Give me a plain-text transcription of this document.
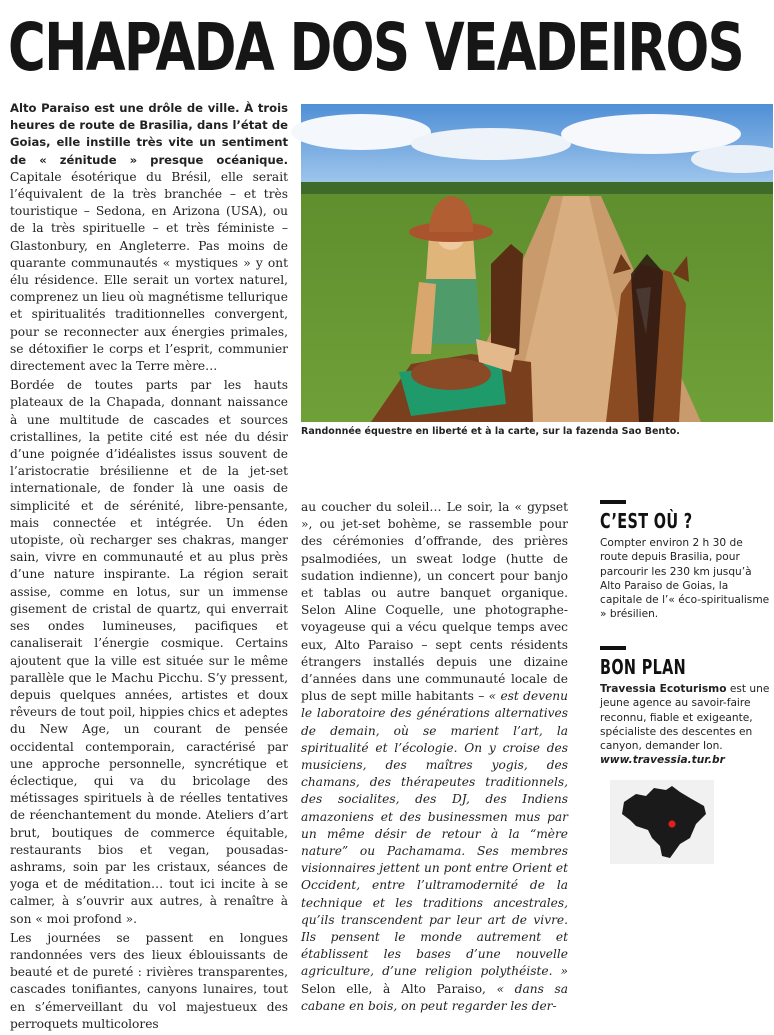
CHAPADA DOS VEADEIROS

Alto Paraiso est une drôle de ville. À trois heures de route de Brasilia, dans l’état de Goias, elle instille très vite un sentiment de « zénitude » presque océanique. Capitale ésotérique du Brésil, elle serait l’équivalent de la très branchée – et très touristique – Sedona, en Arizona (USA), ou de la très spirituelle – et très féministe – Glastonbury, en Angleterre. Pas moins de quarante communautés « mystiques » y ont élu résidence. Elle serait un vortex naturel, comprenez un lieu où magnétisme tellurique et spiritualités traditionnelles convergent, pour se reconnecter aux énergies primales, se détoxifier le corps et l’esprit, communier directement avec la Terre mère…

Bordée de toutes parts par les hauts plateaux de la Chapada, donnant naissance à une multitude de cascades et sources cristallines, la petite cité est née du désir d’une poignée d’idéalistes issus souvent de l’aristocratie brésilienne et de la jet-set internationale, de fonder là une oasis de simplicité et de sérénité, libre-pensante, mais connectée et intégrée. Un éden utopiste, où recharger ses chakras, manger sain, vivre en communauté et au plus près d’une nature inspirante. La région serait assise, comme en lotus, sur un immense gisement de cristal de quartz, qui enverrait ses ondes lumineuses, pacifiques et canaliserait l’énergie cosmique. Certains ajoutent que la ville est située sur le même parallèle que le Machu Picchu. S’y pressent, depuis quelques années, artistes et doux rêveurs de tout poil, hippies chics et adeptes du New Age, un courant de pensée occidental contemporain, caractérisé par une approche personnelle, syncrétique et éclectique, qui va du bricolage des métissages spirituels à de réelles tentatives de réenchantement du monde. Ateliers d’art brut, boutiques de commerce équitable, restaurants bios et vegan, pousadas-ashrams, soin par les cristaux, séances de yoga et de méditation… tout ici incite à se calmer, à s’ouvrir aux autres, à renaître à son « moi profond ».

Les journées se passent en longues randonnées vers des lieux éblouissants de beauté et de pureté : rivières transparentes, cascades tonifiantes, canyons lunaires, tout en s’émerveillant du vol majestueux des perroquets multicolores

Randonnée équestre en liberté et à la carte, sur la fazenda Sao Bento.

au coucher du soleil… Le soir, la « gypset », ou jet-set bohème, se rassemble pour des cérémonies d’offrande, des prières psalmodiées, un sweat lodge (hutte de sudation indienne), un concert pour banjo et tablas ou autre banquet organique. Selon Aline Coquelle, une photographe-voyageuse qui a vécu quelque temps avec eux, Alto Paraiso – sept cents résidents étrangers installés depuis une dizaine d’années dans une communauté locale de plus de sept mille habitants – « est devenu le laboratoire des générations alternatives de demain, où se marient l’art, la spiritualité et l’écologie. On y croise des musiciens, des maîtres yogis, des chamans, des thérapeutes traditionnels, des socialites, des DJ, des Indiens amazoniens et des businessmen mus par un même désir de retour à la “mère nature” ou Pachamama. Ses membres visionnaires jettent un pont entre Orient et Occident, entre l’ultramodernité de la technique et les traditions ancestrales, qu’ils transcendent par leur art de vivre. Ils pensent le monde autrement et établissent les bases d’une nouvelle agriculture, d’une religion polythéiste. » Selon elle, à Alto Paraiso, « dans sa cabane en bois, on peut regarder les der-

C’EST OÙ ?
Compter environ 2 h 30 de route depuis Brasilia, pour parcourir les 230 km jusqu’à Alto Paraiso de Goias, la capitale de l’« éco-spiritualisme » brésilien.
BON PLAN
Travessia Ecoturismo est une jeune agence au savoir-faire reconnu, fiable et exigeante, spécialiste des descentes en canyon, demander Ion.
www.travessia.tur.br
